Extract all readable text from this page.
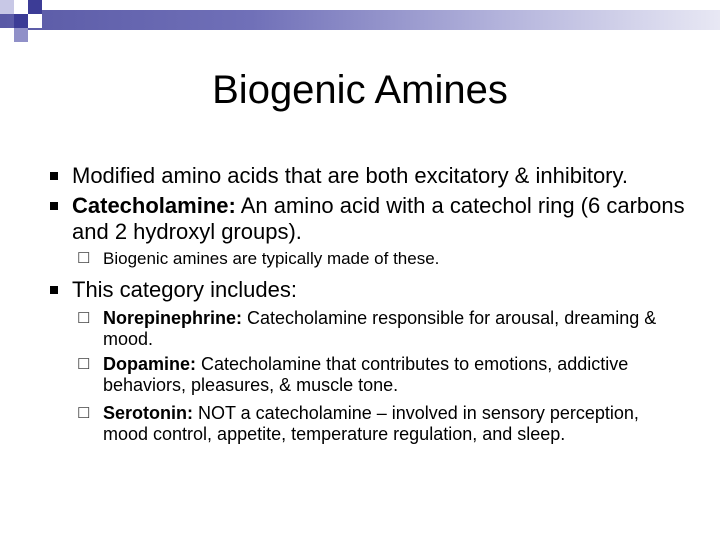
Biogenic Amines
Modified amino acids that are both excitatory & inhibitory.
Catecholamine: An amino acid with a catechol ring (6 carbons and 2 hydroxyl groups).
☐ Biogenic amines are typically made of these.
This category includes:
☐ Norepinephrine: Catecholamine responsible for arousal, dreaming & mood.
☐ Dopamine: Catecholamine that contributes to emotions, addictive behaviors, pleasures, & muscle tone.
☐ Serotonin: NOT a catecholamine – involved in sensory perception, mood control, appetite, temperature regulation, and sleep.
